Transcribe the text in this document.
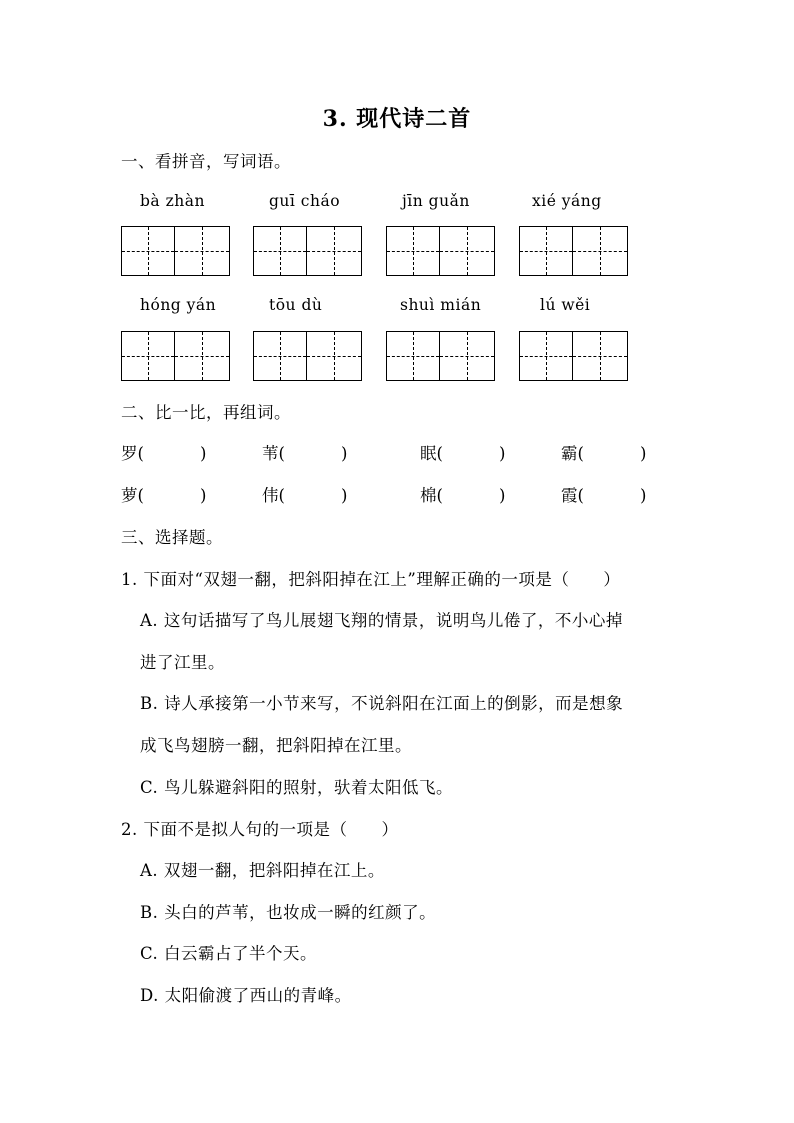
3. 现代诗二首
一、看拼音，写词语。
bà zhàn	guī cháo	jīn guǎn	xié yáng
hóng yán	tōu dù	shuì mián	lú wěi
二、比一比，再组词。
罗(	)	苇(	)	眠(	)	霸(	)
萝(	)	伟(	)	棉(	)	霞(	)
三、选择题。
1. 下面对“双翅一翻，把斜阳掉在江上”理解正确的一项是（　　）
A. 这句话描写了鸟儿展翅飞翔的情景，说明鸟儿倦了，不小心掉
进了江里。
B. 诗人承接第一小节来写，不说斜阳在江面上的倒影，而是想象
成飞鸟翅膀一翻，把斜阳掉在江里。
C. 鸟儿躲避斜阳的照射，驮着太阳低飞。
2. 下面不是拟人句的一项是（　　）
A. 双翅一翻，把斜阳掉在江上。
B. 头白的芦苇，也妆成一瞬的红颜了。
C. 白云霸占了半个天。
D. 太阳偷渡了西山的青峰。
